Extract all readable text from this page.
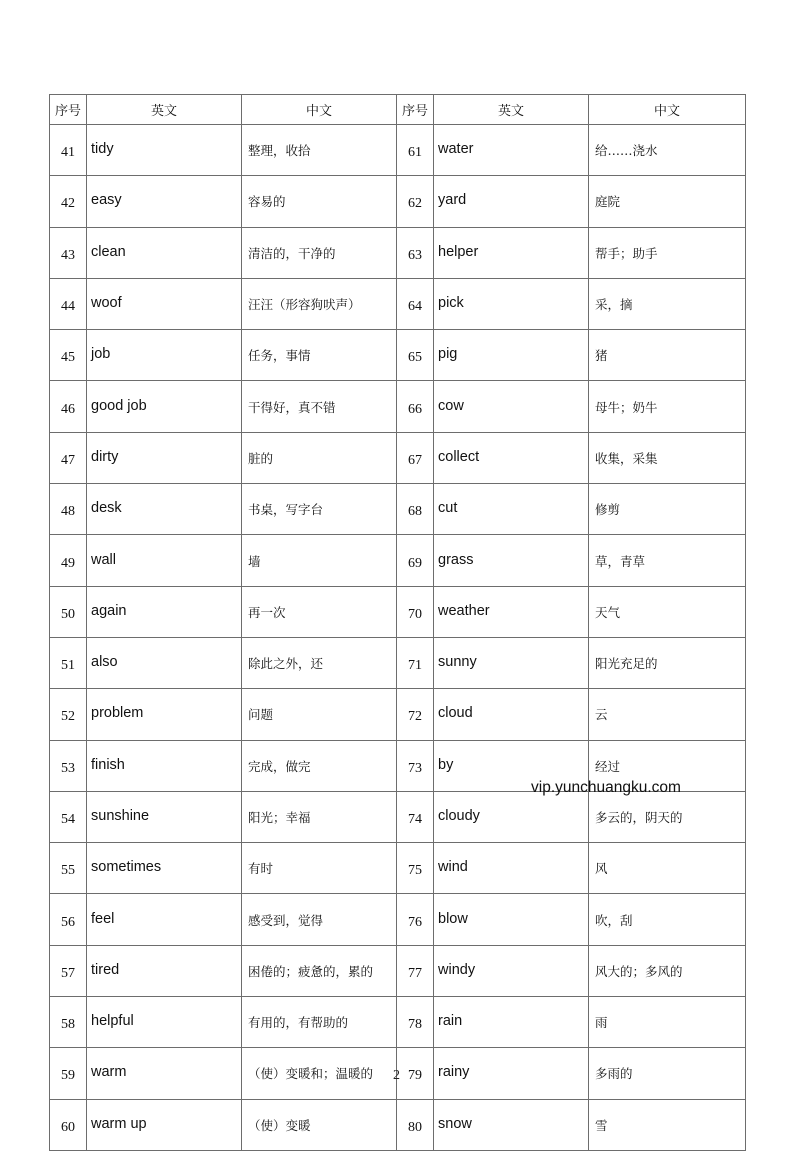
序号	英文	中文	序号	英文	中文
41	tidy	整理，收拾	61	water	给……浇水
42	easy	容易的	62	yard	庭院
43	clean	清洁的，干净的	63	helper	帮手；助手
44	woof	汪汪（形容狗吠声）	64	pick	采，摘
45	job	任务，事情	65	pig	猪
46	good job	干得好，真不错	66	cow	母牛；奶牛
47	dirty	脏的	67	collect	收集，采集
48	desk	书桌，写字台	68	cut	修剪
49	wall	墙	69	grass	草，青草
50	again	再一次	70	weather	天气
51	also	除此之外，还	71	sunny	阳光充足的
52	problem	问题	72	cloud	云
53	finish	完成，做完	73	by	经过
54	sunshine	阳光；幸福	74	cloudy	多云的，阴天的
55	sometimes	有时	75	wind	风
56	feel	感受到，觉得	76	blow	吹，刮
57	tired	困倦的；疲惫的，累的	77	windy	风大的；多风的
58	helpful	有用的，有帮助的	78	rain	雨
59	warm	（使）变暖和；温暖的	79	rainy	多雨的
60	warm up	（使）变暖	80	snow	雪
vip.yunchuangku.com
2
